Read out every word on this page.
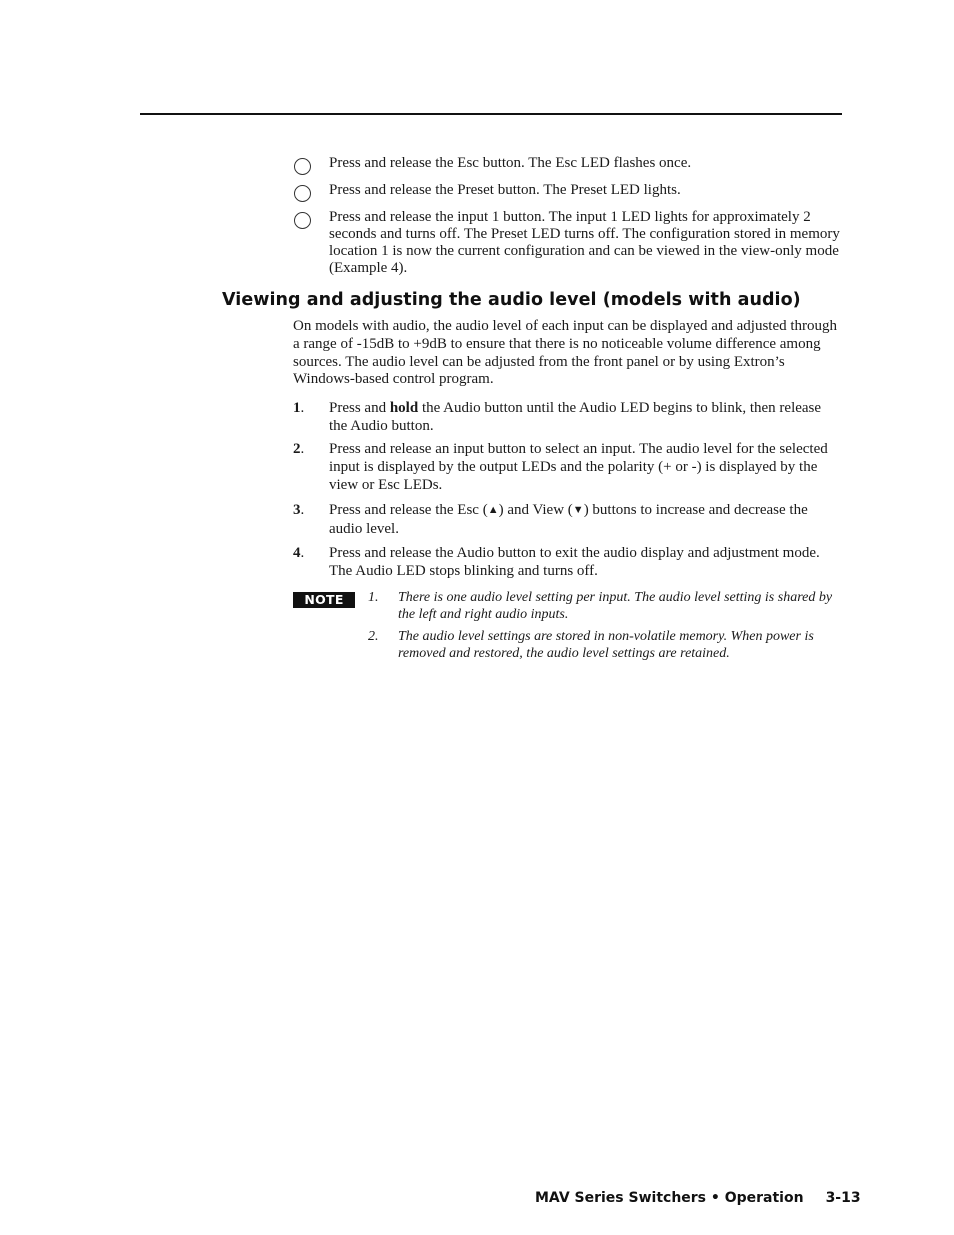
Press and release the Esc button. The Esc LED flashes once.
Press and release the Preset button. The Preset LED lights.
Press and release the input 1 button. The input 1 LED lights for approximately 2 seconds and turns off. The Preset LED turns off. The configuration stored in memory location 1 is now the current configuration and can be viewed in the view-only mode (Example 4).
Viewing and adjusting the audio level (models with audio)
On models with audio, the audio level of each input can be displayed and adjusted through a range of -15dB to +9dB to ensure that there is no noticeable volume difference among sources. The audio level can be adjusted from the front panel or by using Extron’s Windows-based control program.
1. Press and hold the Audio button until the Audio LED begins to blink, then release the Audio button.
2. Press and release an input button to select an input. The audio level for the selected input is displayed by the output LEDs and the polarity (+ or -) is displayed by the view or Esc LEDs.
3. Press and release the Esc (▲) and View (▼) buttons to increase and decrease the audio level.
4. Press and release the Audio button to exit the audio display and adjustment mode. The Audio LED stops blinking and turns off.
NOTE	1. There is one audio level setting per input. The audio level setting is shared by the left and right audio inputs.
2. The audio level settings are stored in non-volatile memory. When power is removed and restored, the audio level settings are retained.
MAV Series Switchers • Operation 3-13
